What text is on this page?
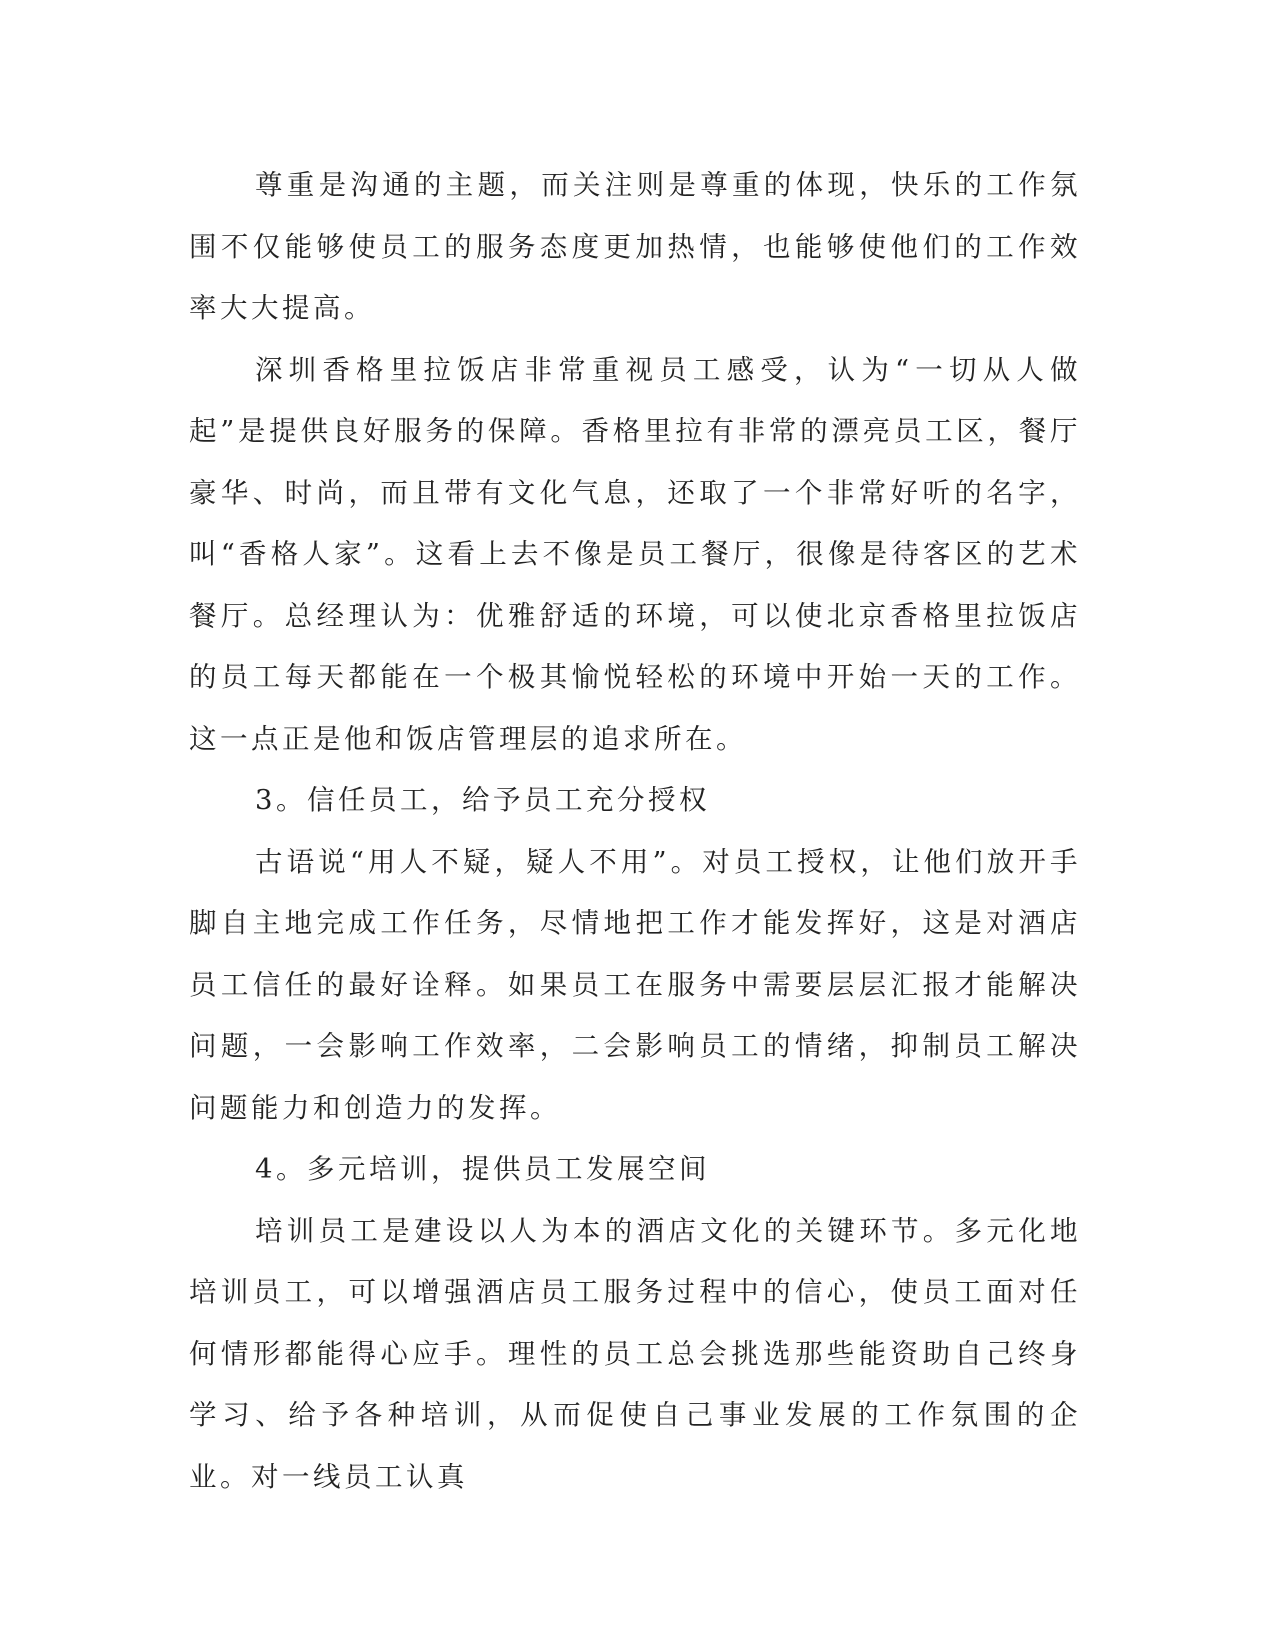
尊重是沟通的主题，而关注则是尊重的体现，快乐的工作氛围不仅能够使员工的服务态度更加热情，也能够使他们的工作效率大大提高。

深圳香格里拉饭店非常重视员工感受，认为“一切从人做起”是提供良好服务的保障。香格里拉有非常的漂亮员工区，餐厅豪华、时尚，而且带有文化气息，还取了一个非常好听的名字，叫“香格人家”。这看上去不像是员工餐厅，很像是待客区的艺术餐厅。总经理认为：优雅舒适的环境，可以使北京香格里拉饭店的员工每天都能在一个极其愉悦轻松的环境中开始一天的工作。这一点正是他和饭店管理层的追求所在。

3。信任员工，给予员工充分授权

古语说“用人不疑，疑人不用”。对员工授权，让他们放开手脚自主地完成工作任务，尽情地把工作才能发挥好，这是对酒店员工信任的最好诠释。如果员工在服务中需要层层汇报才能解决问题，一会影响工作效率，二会影响员工的情绪，抑制员工解决问题能力和创造力的发挥。

4。多元培训，提供员工发展空间

培训员工是建设以人为本的酒店文化的关键环节。多元化地培训员工，可以增强酒店员工服务过程中的信心，使员工面对任何情形都能得心应手。理性的员工总会挑选那些能资助自己终身学习、给予各种培训，从而促使自己事业发展的工作氛围的企业。对一线员工认真
